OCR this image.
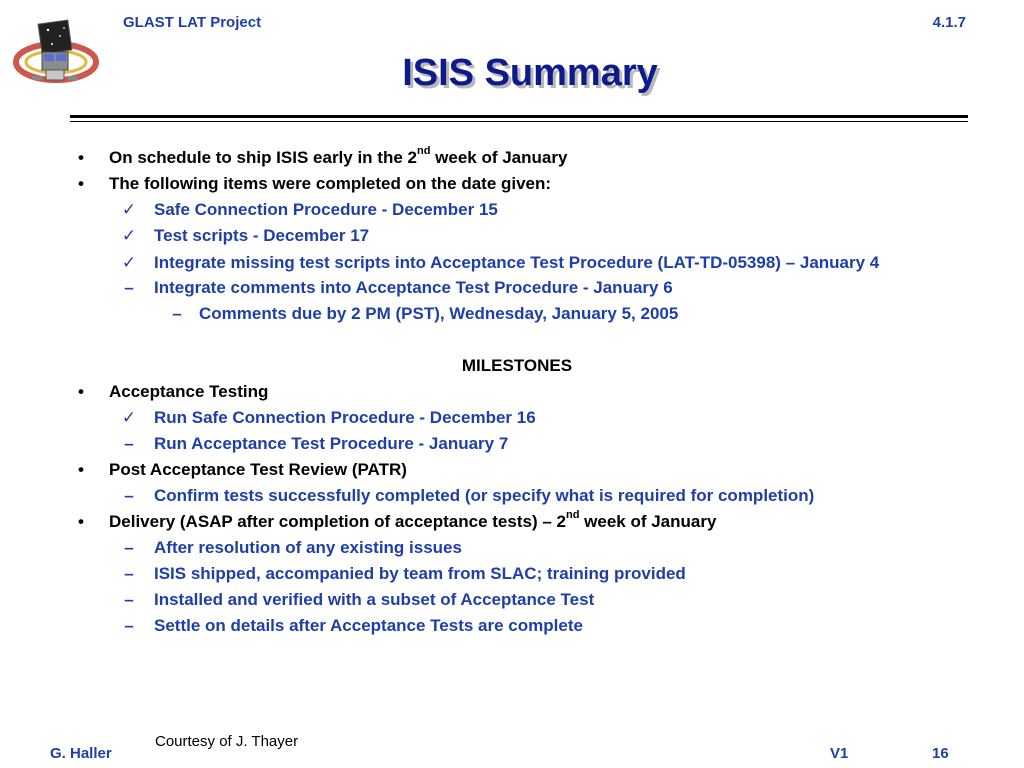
GLAST LAT Project	4.1.7
ISIS Summary
•	On schedule to ship ISIS early in the 2nd week of January
•	The following items were completed on the date given:
✓ Safe Connection Procedure - December 15
✓ Test scripts - December 17
✓ Integrate missing test scripts into Acceptance Test Procedure (LAT-TD-05398) – January 4
– Integrate comments into Acceptance Test Procedure - January 6
– Comments due by 2 PM (PST), Wednesday, January 5, 2005
MILESTONES
•	Acceptance Testing
✓ Run Safe Connection Procedure - December 16
– Run Acceptance Test Procedure - January 7
•	Post Acceptance Test Review (PATR)
– Confirm tests successfully completed (or specify what is required for completion)
•	Delivery (ASAP after completion of acceptance tests) – 2nd week of January
– After resolution of any existing issues
– ISIS shipped, accompanied by team from SLAC; training provided
– Installed and verified with a subset of Acceptance Test
– Settle on details after Acceptance Tests are complete
Courtesy of J. Thayer
G. Haller	V1	16
